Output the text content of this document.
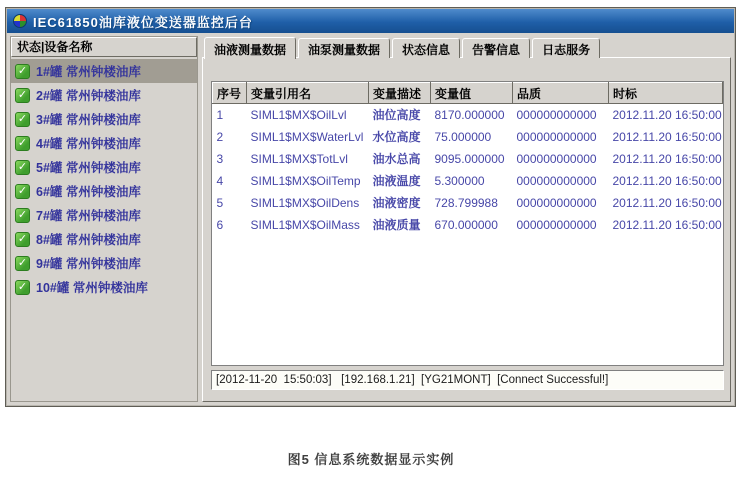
IEC61850油库液位变送器监控后台
状态|设备名称
✓ 1#罐 常州钟楼油库
✓ 2#罐 常州钟楼油库
✓ 3#罐 常州钟楼油库
✓ 4#罐 常州钟楼油库
✓ 5#罐 常州钟楼油库
✓ 6#罐 常州钟楼油库
✓ 7#罐 常州钟楼油库
✓ 8#罐 常州钟楼油库
✓ 9#罐 常州钟楼油库
✓ 10#罐 常州钟楼油库
油液测量数据	油泵测量数据	状态信息	告警信息	日志服务
序号	变量引用名	变量描述	变量值	品质	时标
1	SIML1$MX$OilLvl	油位高度	8170.000000	000000000000	2012.11.20 16:50:00
2	SIML1$MX$WaterLvl	水位高度	75.000000	000000000000	2012.11.20 16:50:00
3	SIML1$MX$TotLvl	油水总高	9095.000000	000000000000	2012.11.20 16:50:00
4	SIML1$MX$OilTemp	油液温度	5.300000	000000000000	2012.11.20 16:50:00
5	SIML1$MX$OilDens	油液密度	728.799988	000000000000	2012.11.20 16:50:00
6	SIML1$MX$OilMass	油液质量	670.000000	000000000000	2012.11.20 16:50:00
[2012-11-20  15:50:03]   [192.168.1.21]  [YG21MONT]  [Connect Successful!]
图5 信息系统数据显示实例
